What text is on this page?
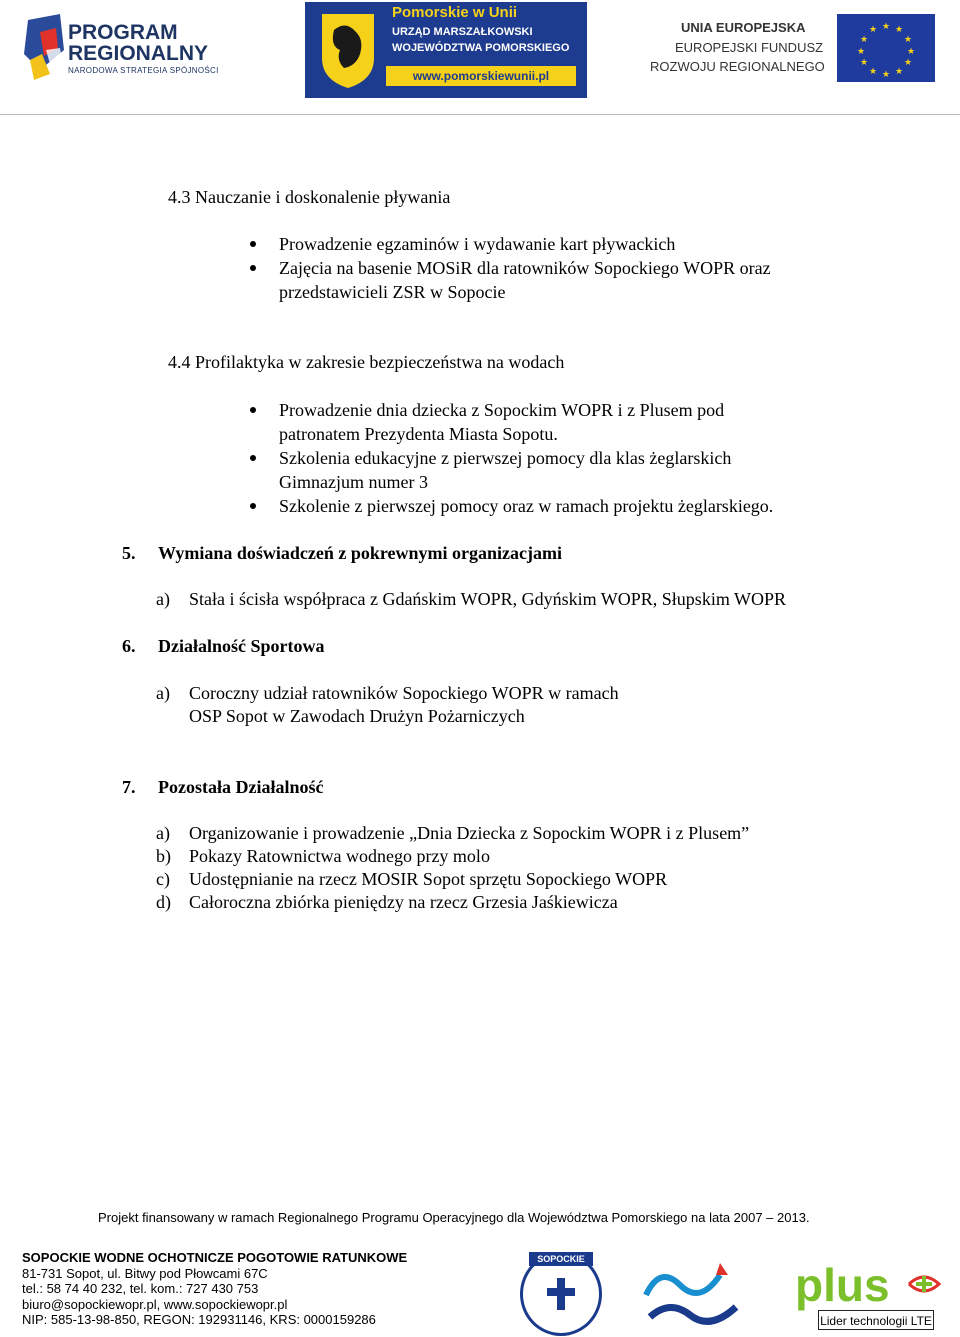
PROGRAM
REGIONALNY
NARODOWA STRATEGIA SPÓJNOŚCI
Pomorskie w Unii
URZĄD MARSZAŁKOWSKI
WOJEWÓDZTWA POMORSKIEGO
www.pomorskiewunii.pl
UNIA EUROPEJSKA
EUROPEJSKI FUNDUSZ
ROZWOJU REGIONALNEGO
★ ★
★
★
★
★
★
★
★
★
★
★
4.3 Nauczanie i doskonalenie pływania
Prowadzenie egzaminów i wydawanie kart pływackich
Zajęcia na basenie MOSiR dla ratowników Sopockiego WOPR oraz
przedstawicieli ZSR w Sopocie
4.4 Profilaktyka w zakresie bezpieczeństwa na wodach
Prowadzenie dnia dziecka z Sopockim WOPR i z Plusem pod
patronatem Prezydenta Miasta Sopotu.
Szkolenia edukacyjne z pierwszej pomocy dla klas żeglarskich
Gimnazjum numer 3
Szkolenie z pierwszej pomocy oraz w ramach projektu żeglarskiego.
5. Wymiana doświadczeń z pokrewnymi organizacjami
a) Stała i ścisła współpraca z Gdańskim WOPR, Gdyńskim WOPR, Słupskim WOPR
6. Działalność Sportowa
a) Coroczny udział ratowników Sopockiego WOPR w ramach
OSP Sopot w Zawodach Drużyn Pożarniczych
7. Pozostała Działalność
a) Organizowanie i prowadzenie „Dnia Dziecka z Sopockim WOPR i z Plusem”
b) Pokazy Ratownictwa wodnego przy molo
c) Udostępnianie na rzecz MOSIR Sopot sprzętu Sopockiego WOPR
d) Całoroczna zbiórka pieniędzy na rzecz Grzesia Jaśkiewicza
Projekt finansowany w ramach Regionalnego Programu Operacyjnego dla Województwa Pomorskiego na lata 2007 – 2013.
SOPOCKIE WODNE OCHOTNICZE POGOTOWIE RATUNKOWE
81-731 Sopot, ul. Bitwy pod Płowcami 67C
tel.: 58 74 40 232, tel. kom.: 727 430 753
biuro@sopockiewopr.pl, www.sopockiewopr.pl
NIP: 585-13-98-850, REGON: 192931146, KRS: 0000159286
SOPOCKIE	plus
Lider technologii LTE
